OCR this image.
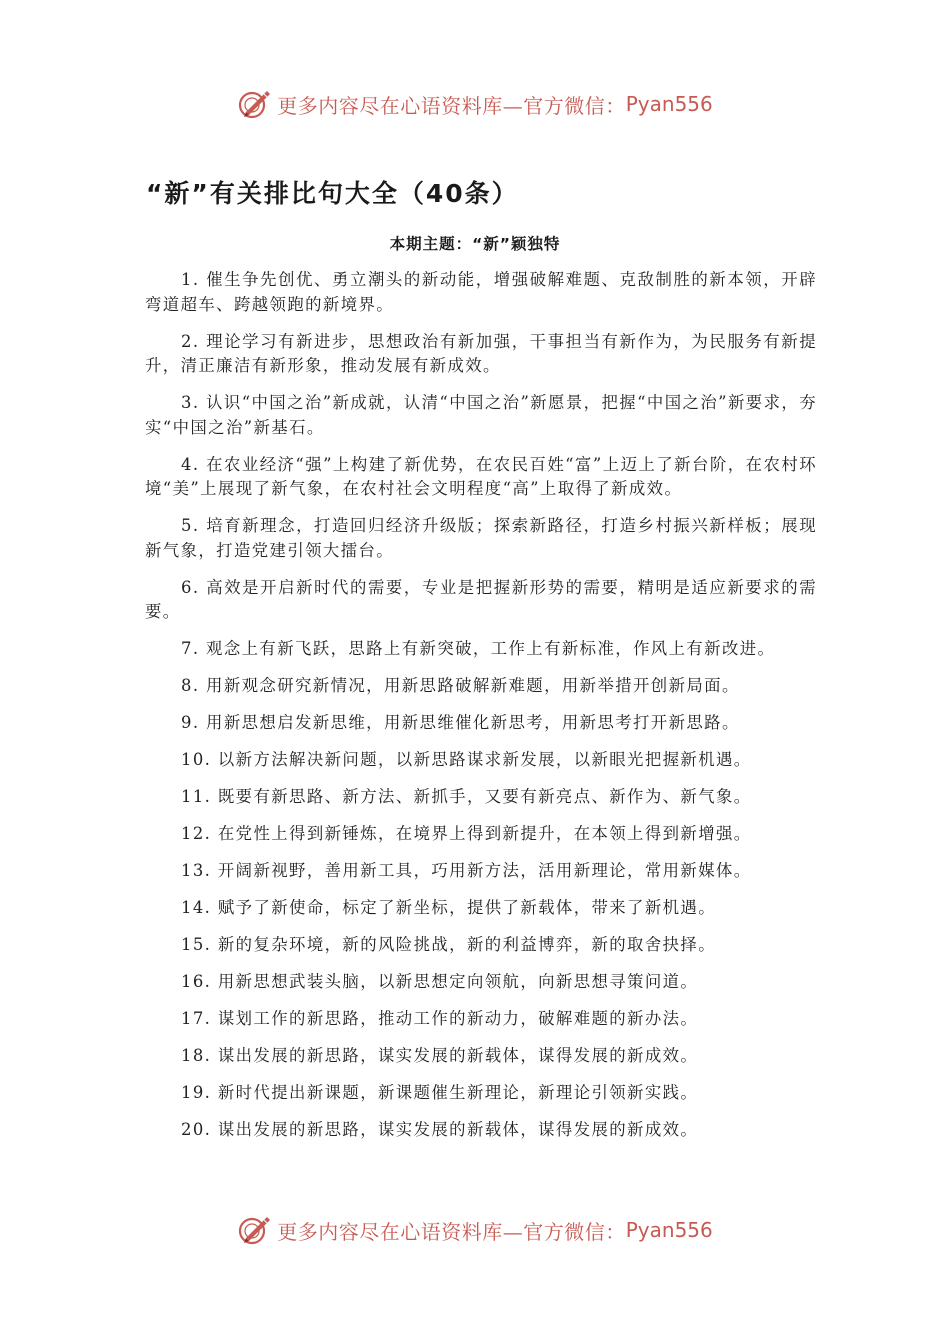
更多内容尽在心语资料库—官方微信： Pyan556
“新”有关排比句大全（40条）
本期主题：“新”颖独特
1. 催生争先创优、勇立潮头的新动能，增强破解难题、克敌制胜的新本领，开辟弯道超车、跨越领跑的新境界。
2. 理论学习有新进步，思想政治有新加强，干事担当有新作为，为民服务有新提升，清正廉洁有新形象，推动发展有新成效。
3. 认识“中国之治”新成就，认清“中国之治”新愿景，把握“中国之治”新要求，夯实“中国之治”新基石。
4. 在农业经济“强”上构建了新优势，在农民百姓“富”上迈上了新台阶，在农村环境“美”上展现了新气象，在农村社会文明程度“高”上取得了新成效。
5. 培育新理念，打造回归经济升级版；探索新路径，打造乡村振兴新样板；展现新气象，打造党建引领大擂台。
6. 高效是开启新时代的需要，专业是把握新形势的需要，精明是适应新要求的需要。
7. 观念上有新飞跃，思路上有新突破，工作上有新标准，作风上有新改进。
8. 用新观念研究新情况，用新思路破解新难题，用新举措开创新局面。
9. 用新思想启发新思维，用新思维催化新思考，用新思考打开新思路。
10. 以新方法解决新问题，以新思路谋求新发展，以新眼光把握新机遇。
11. 既要有新思路、新方法、新抓手，又要有新亮点、新作为、新气象。
12. 在党性上得到新锤炼，在境界上得到新提升，在本领上得到新增强。
13. 开阔新视野，善用新工具，巧用新方法，活用新理论，常用新媒体。
14. 赋予了新使命，标定了新坐标，提供了新载体，带来了新机遇。
15. 新的复杂环境，新的风险挑战，新的利益博弈，新的取舍抉择。
16. 用新思想武装头脑，以新思想定向领航，向新思想寻策问道。
17. 谋划工作的新思路，推动工作的新动力，破解难题的新办法。
18. 谋出发展的新思路，谋实发展的新载体，谋得发展的新成效。
19. 新时代提出新课题，新课题催生新理论，新理论引领新实践。
20. 谋出发展的新思路，谋实发展的新载体，谋得发展的新成效。
更多内容尽在心语资料库—官方微信： Pyan556
